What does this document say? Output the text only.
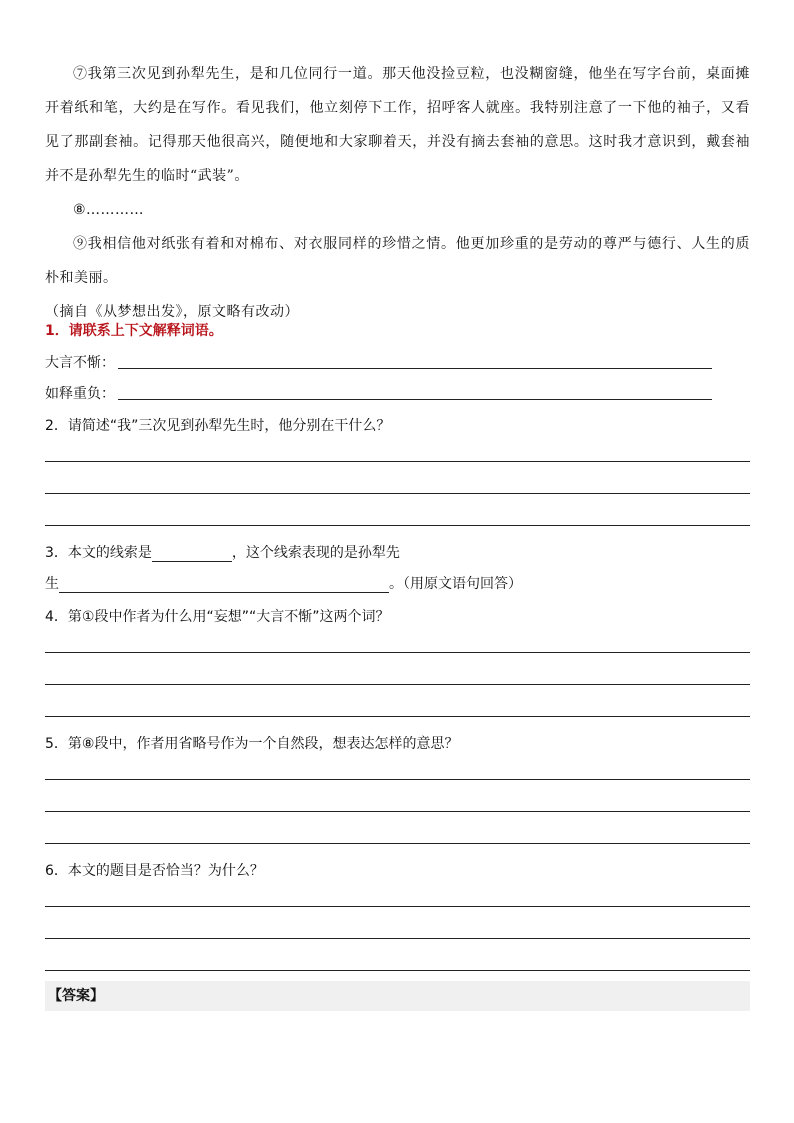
⑦我第三次见到孙犁先生，是和几位同行一道。那天他没捡豆粒，也没糊窗缝，他坐在写字台前，桌面摊开着纸和笔，大约是在写作。看见我们，他立刻停下工作，招呼客人就座。我特别注意了一下他的袖子，又看见了那副套袖。记得那天他很高兴，随便地和大家聊着天，并没有摘去套袖的意思。这时我才意识到，戴套袖并不是孙犁先生的临时“武装”。

⑧…………

⑨我相信他对纸张有着和对棉布、对衣服同样的珍惜之情。他更加珍重的是劳动的尊严与德行、人生的质朴和美丽。

（摘自《从梦想出发》，原文略有改动）

1．请联系上下文解释词语。
大言不惭：
如释重负：
2．请简述“我”三次见到孙犁先生时，他分别在干什么？
3．本文的线索是	，这个线索表现的是孙犁先
生	。（用原文语句回答）
4．第①段中作者为什么用“妄想”“大言不惭”这两个词？
5．第⑧段中，作者用省略号作为一个自然段，想表达怎样的意思？
6．本文的题目是否恰当？为什么？
【答案】
